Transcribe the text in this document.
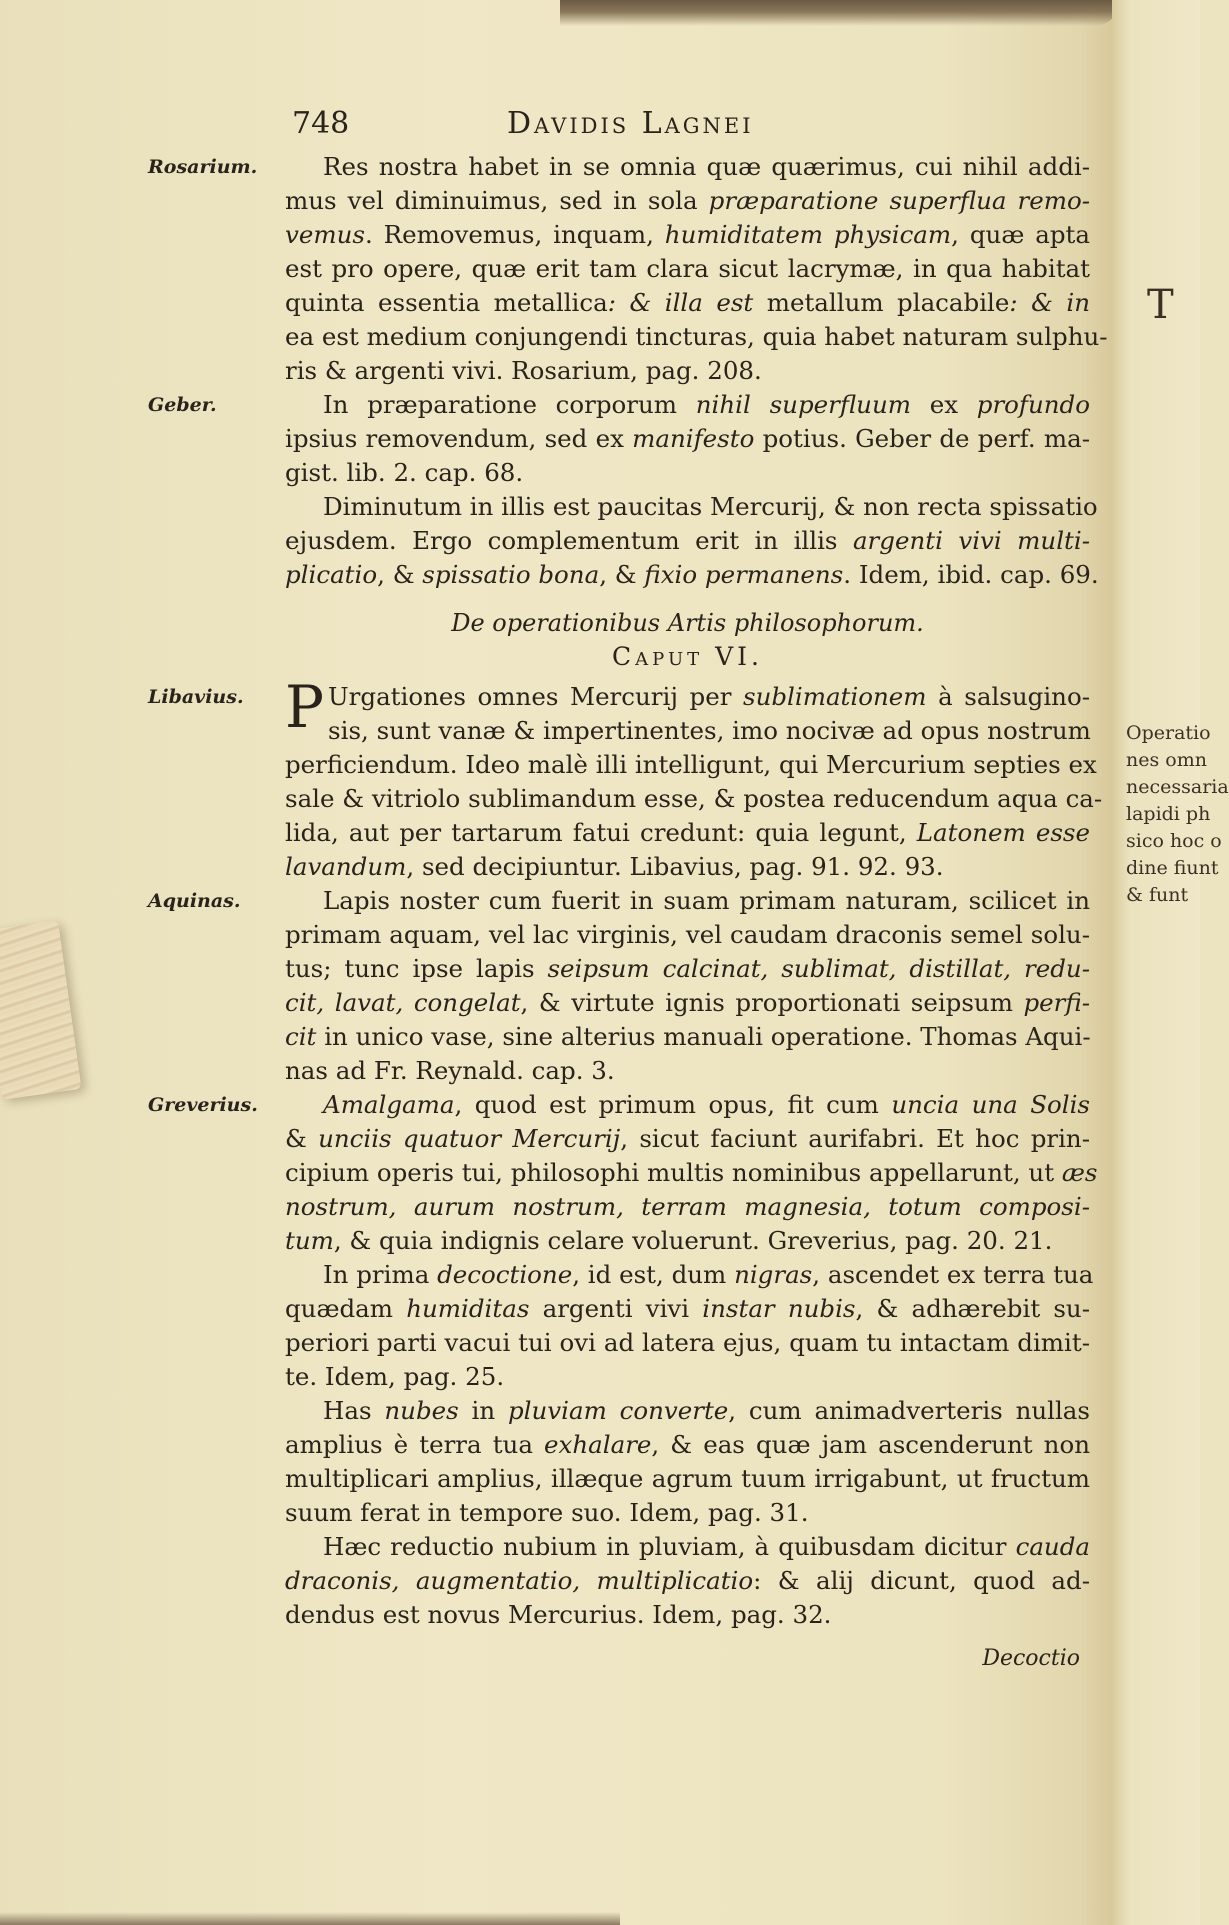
T
Operatio
nes omn
necessaria
lapidi ph
sico hoc o
dine fiunt
& funt
748	Davidis Lagnei
Rosarium.	Res nostra habet in se omnia quæ quærimus, cui nihil addi-
mus vel diminuimus, sed in sola præparatione superflua remo-
vemus. Removemus, inquam, humiditatem physicam, quæ apta
est pro opere, quæ erit tam clara sicut lacrymæ, in qua habitat
quinta essentia metallica: & illa est metallum placabile: & in
ea est medium conjungendi tincturas, quia habet naturam sulphu-
ris & argenti vivi. Rosarium, pag. 208.
Geber.	In præparatione corporum nihil superfluum ex profundo
ipsius removendum, sed ex manifesto potius. Geber de perf. ma-
gist. lib. 2. cap. 68.
Diminutum in illis est paucitas Mercurij, & non recta spissatio
ejusdem. Ergo complementum erit in illis argenti vivi multi-
plicatio, & spissatio bona, & fixio permanens. Idem, ibid. cap. 69.
De operationibus Artis philosophorum.
Caput VI.
Libavius. P Urgationes omnes Mercurij per sublimationem à salsugino-
sis, sunt vanæ & impertinentes, imo nocivæ ad opus nostrum
perficiendum. Ideo malè illi intelligunt, qui Mercurium septies ex
sale & vitriolo sublimandum esse, & postea reducendum aqua ca-
lida, aut per tartarum fatui credunt: quia legunt, Latonem esse
lavandum, sed decipiuntur. Libavius, pag. 91. 92. 93.
Aquinas.	Lapis noster cum fuerit in suam primam naturam, scilicet in
primam aquam, vel lac virginis, vel caudam draconis semel solu-
tus; tunc ipse lapis seipsum calcinat, sublimat, distillat, redu-
cit, lavat, congelat, & virtute ignis proportionati seipsum perfi-
cit in unico vase, sine alterius manuali operatione. Thomas Aqui-
nas ad Fr. Reynald. cap. 3.
Greverius.	Amalgama, quod est primum opus, fit cum uncia una Solis
& unciis quatuor Mercurij, sicut faciunt aurifabri. Et hoc prin-
cipium operis tui, philosophi multis nominibus appellarunt, ut æs
nostrum, aurum nostrum, terram magnesia, totum composi-
tum, & quia indignis celare voluerunt. Greverius, pag. 20. 21.
In prima decoctione, id est, dum nigras, ascendet ex terra tua
quædam humiditas argenti vivi instar nubis, & adhærebit su-
periori parti vacui tui ovi ad latera ejus, quam tu intactam dimit-
te. Idem, pag. 25.
Has nubes in pluviam converte, cum animadverteris nullas
amplius è terra tua exhalare, & eas quæ jam ascenderunt non
multiplicari amplius, illæque agrum tuum irrigabunt, ut fructum
suum ferat in tempore suo. Idem, pag. 31.
Hæc reductio nubium in pluviam, à quibusdam dicitur cauda
draconis, augmentatio, multiplicatio: & alij dicunt, quod ad-
dendus est novus Mercurius. Idem, pag. 32.
Decoctio
